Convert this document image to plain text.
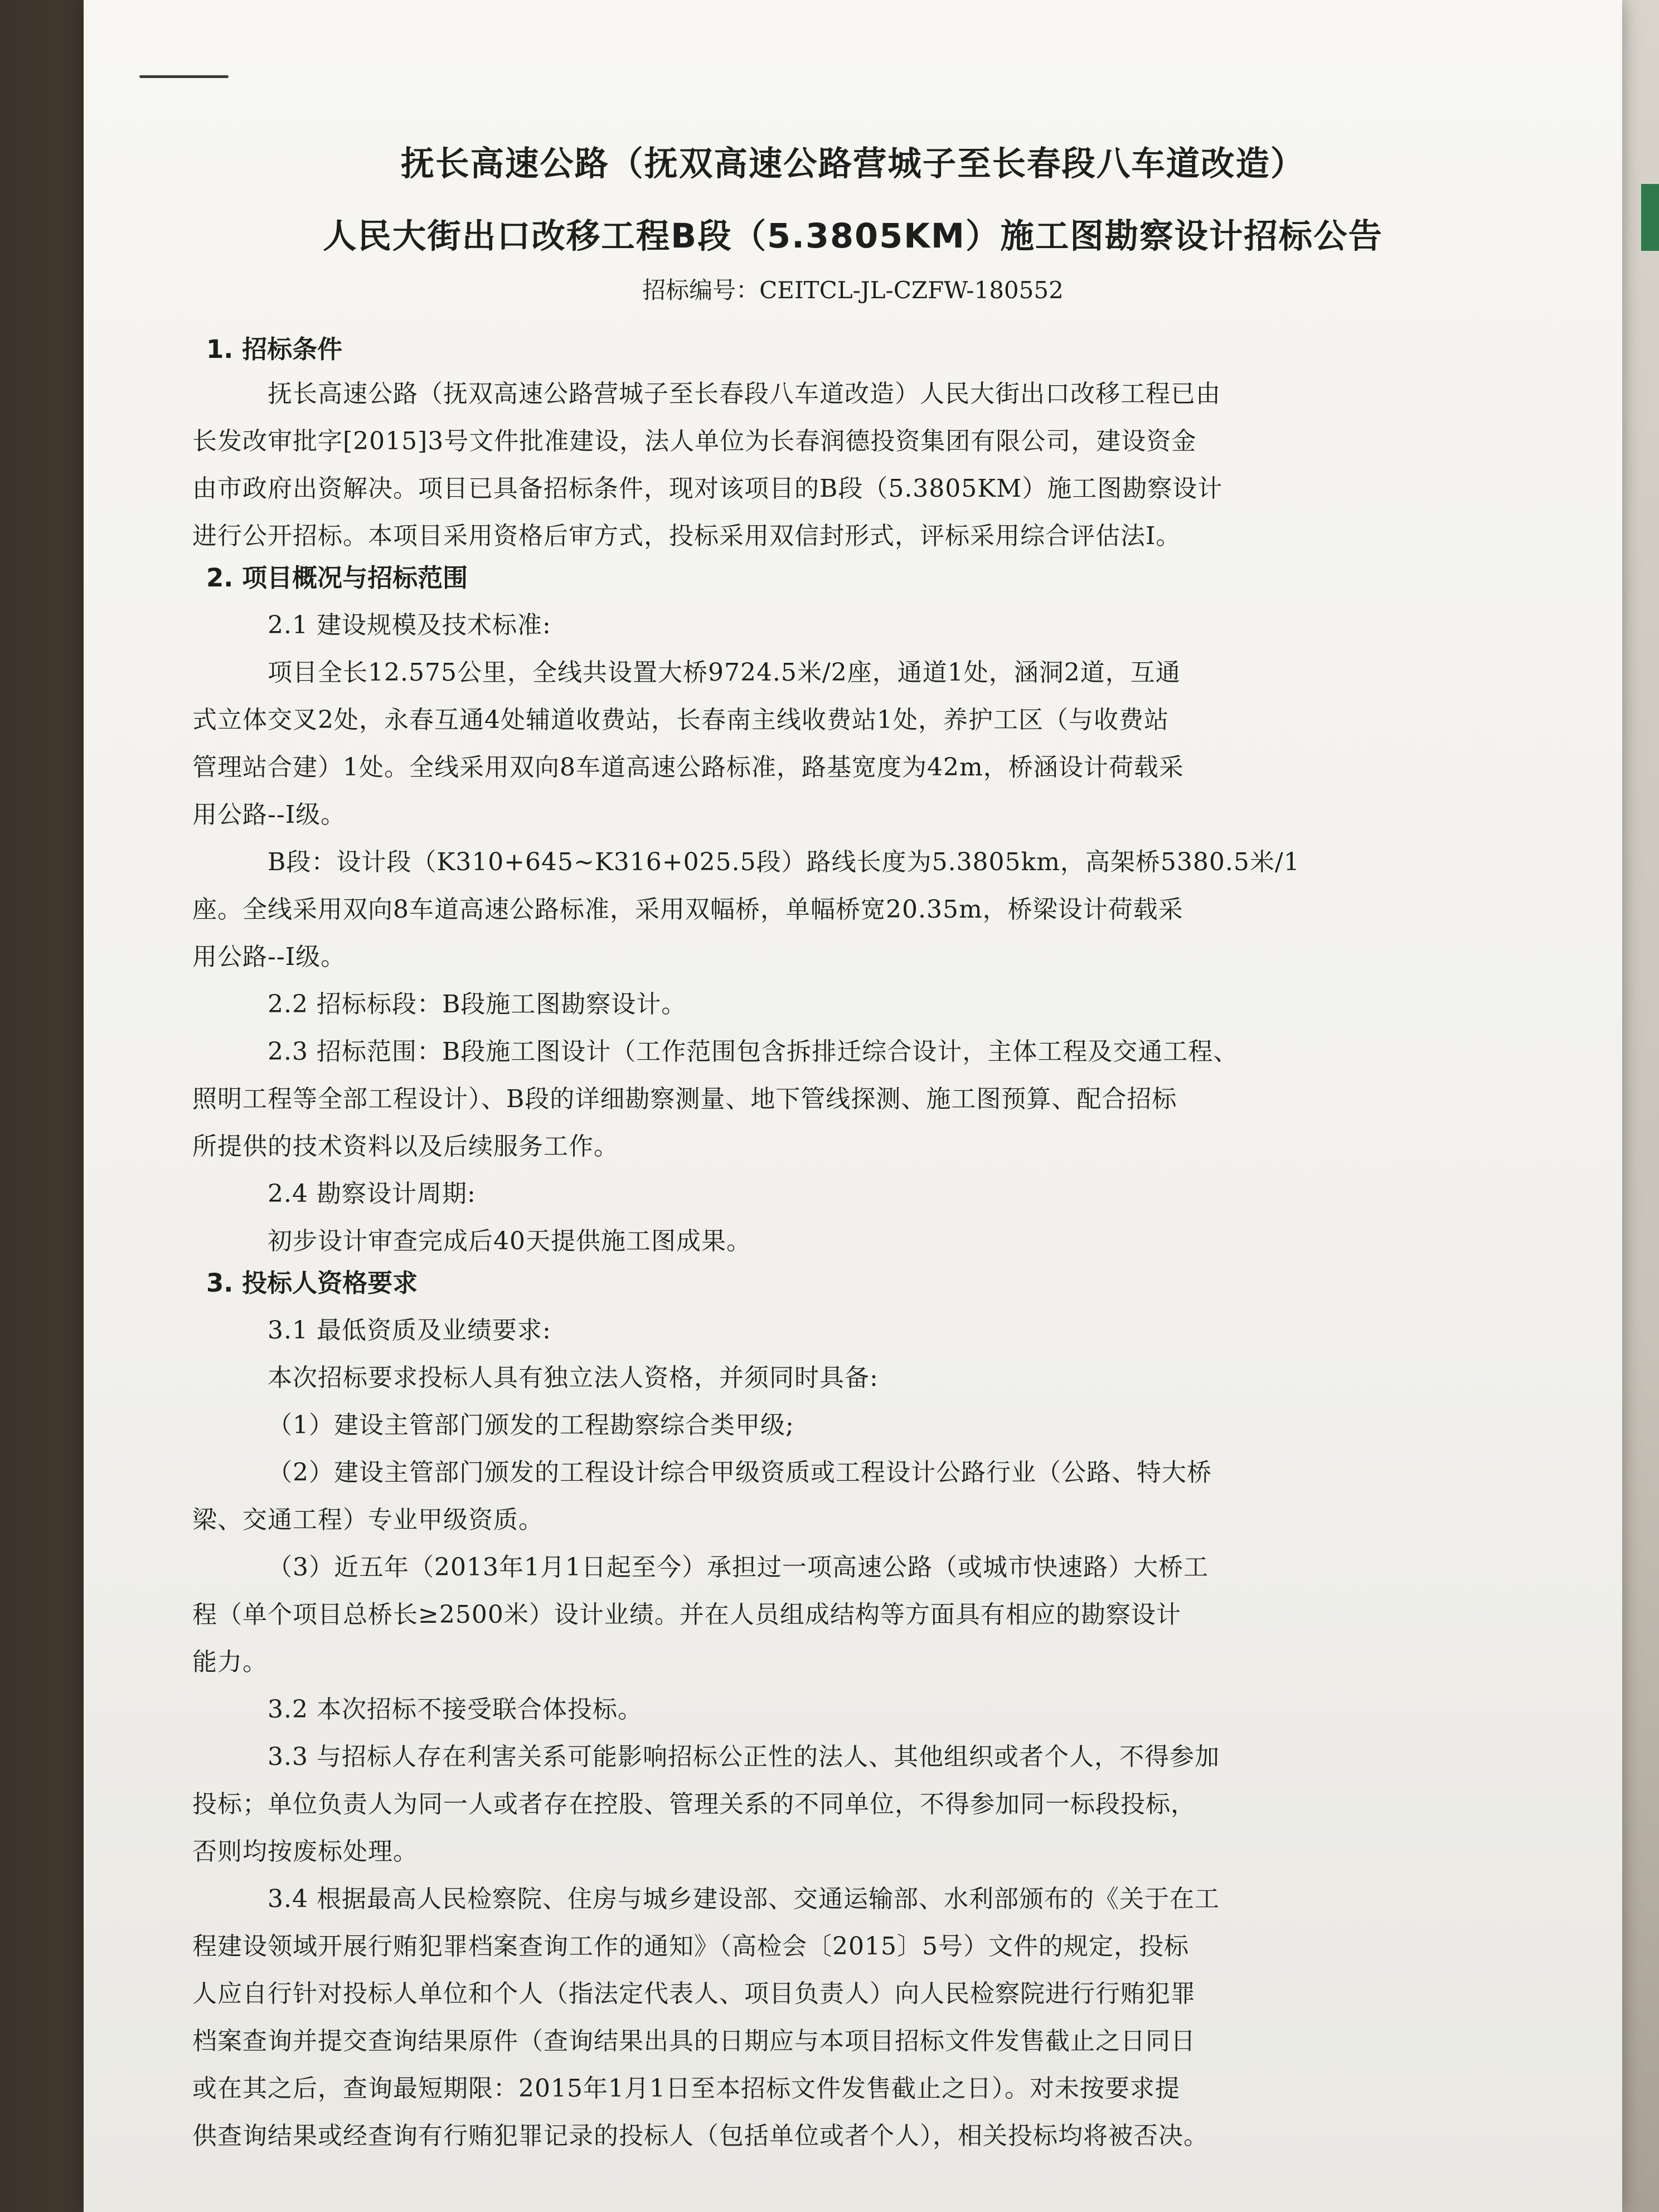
抚长高速公路（抚双高速公路营城子至长春段八车道改造）
人民大街出口改移工程B段（5.3805KM）施工图勘察设计招标公告
招标编号：CEITCL-JL-CZFW-180552
1. 招标条件
抚长高速公路（抚双高速公路营城子至长春段八车道改造）人民大街出口改移工程已由
长发改审批字[2015]3号文件批准建设，法人单位为长春润德投资集团有限公司，建设资金
由市政府出资解决。项目已具备招标条件，现对该项目的B段（5.3805KM）施工图勘察设计
进行公开招标。本项目采用资格后审方式，投标采用双信封形式，评标采用综合评估法I。
2. 项目概况与招标范围
2.1 建设规模及技术标准:
项目全长12.575公里，全线共设置大桥9724.5米/2座，通道1处，涵洞2道，互通
式立体交叉2处，永春互通4处辅道收费站，长春南主线收费站1处，养护工区（与收费站
管理站合建）1处。全线采用双向8车道高速公路标准，路基宽度为42m，桥涵设计荷载采
用公路--I级。
B段：设计段（K310+645~K316+025.5段）路线长度为5.3805km，高架桥5380.5米/1
座。全线采用双向8车道高速公路标准，采用双幅桥，单幅桥宽20.35m，桥梁设计荷载采
用公路--I级。
2.2 招标标段：B段施工图勘察设计。
2.3 招标范围：B段施工图设计（工作范围包含拆排迁综合设计，主体工程及交通工程、
照明工程等全部工程设计）、B段的详细勘察测量、地下管线探测、施工图预算、配合招标
所提供的技术资料以及后续服务工作。
2.4 勘察设计周期:
初步设计审查完成后40天提供施工图成果。
3. 投标人资格要求
3.1 最低资质及业绩要求:
本次招标要求投标人具有独立法人资格，并须同时具备:
（1）建设主管部门颁发的工程勘察综合类甲级;
（2）建设主管部门颁发的工程设计综合甲级资质或工程设计公路行业（公路、特大桥
梁、交通工程）专业甲级资质。
（3）近五年（2013年1月1日起至今）承担过一项高速公路（或城市快速路）大桥工
程（单个项目总桥长≥2500米）设计业绩。并在人员组成结构等方面具有相应的勘察设计
能力。
3.2 本次招标不接受联合体投标。
3.3 与招标人存在利害关系可能影响招标公正性的法人、其他组织或者个人，不得参加
投标；单位负责人为同一人或者存在控股、管理关系的不同单位，不得参加同一标段投标，
否则均按废标处理。
3.4 根据最高人民检察院、住房与城乡建设部、交通运输部、水利部颁布的《关于在工
程建设领域开展行贿犯罪档案查询工作的通知》（高检会〔2015〕5号）文件的规定，投标
人应自行针对投标人单位和个人（指法定代表人、项目负责人）向人民检察院进行行贿犯罪
档案查询并提交查询结果原件（查询结果出具的日期应与本项目招标文件发售截止之日同日
或在其之后，查询最短期限：2015年1月1日至本招标文件发售截止之日）。对未按要求提
供查询结果或经查询有行贿犯罪记录的投标人（包括单位或者个人），相关投标均将被否决。
